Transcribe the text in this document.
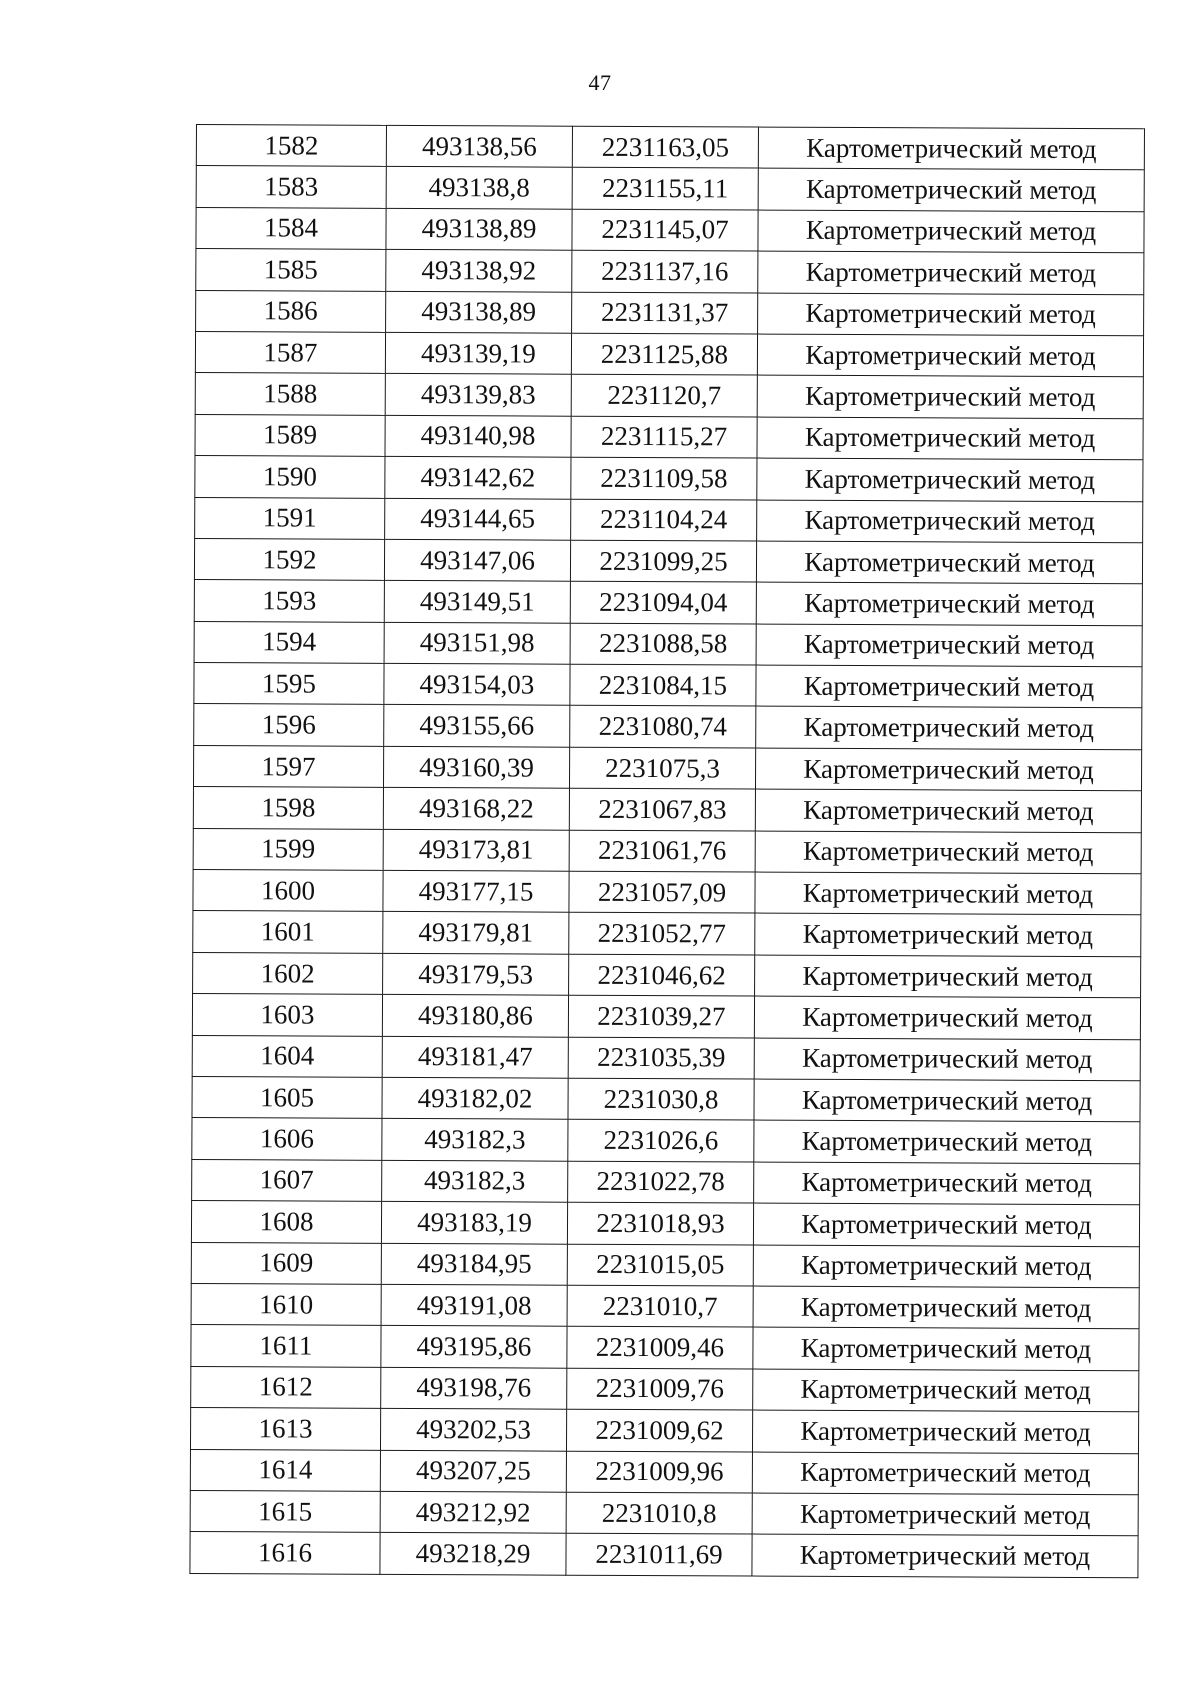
47
1582	493138,56	2231163,05	Картометрический метод
1583	493138,8	2231155,11	Картометрический метод
1584	493138,89	2231145,07	Картометрический метод
1585	493138,92	2231137,16	Картометрический метод
1586	493138,89	2231131,37	Картометрический метод
1587	493139,19	2231125,88	Картометрический метод
1588	493139,83	2231120,7	Картометрический метод
1589	493140,98	2231115,27	Картометрический метод
1590	493142,62	2231109,58	Картометрический метод
1591	493144,65	2231104,24	Картометрический метод
1592	493147,06	2231099,25	Картометрический метод
1593	493149,51	2231094,04	Картометрический метод
1594	493151,98	2231088,58	Картометрический метод
1595	493154,03	2231084,15	Картометрический метод
1596	493155,66	2231080,74	Картометрический метод
1597	493160,39	2231075,3	Картометрический метод
1598	493168,22	2231067,83	Картометрический метод
1599	493173,81	2231061,76	Картометрический метод
1600	493177,15	2231057,09	Картометрический метод
1601	493179,81	2231052,77	Картометрический метод
1602	493179,53	2231046,62	Картометрический метод
1603	493180,86	2231039,27	Картометрический метод
1604	493181,47	2231035,39	Картометрический метод
1605	493182,02	2231030,8	Картометрический метод
1606	493182,3	2231026,6	Картометрический метод
1607	493182,3	2231022,78	Картометрический метод
1608	493183,19	2231018,93	Картометрический метод
1609	493184,95	2231015,05	Картометрический метод
1610	493191,08	2231010,7	Картометрический метод
1611	493195,86	2231009,46	Картометрический метод
1612	493198,76	2231009,76	Картометрический метод
1613	493202,53	2231009,62	Картометрический метод
1614	493207,25	2231009,96	Картометрический метод
1615	493212,92	2231010,8	Картометрический метод
1616	493218,29	2231011,69	Картометрический метод
